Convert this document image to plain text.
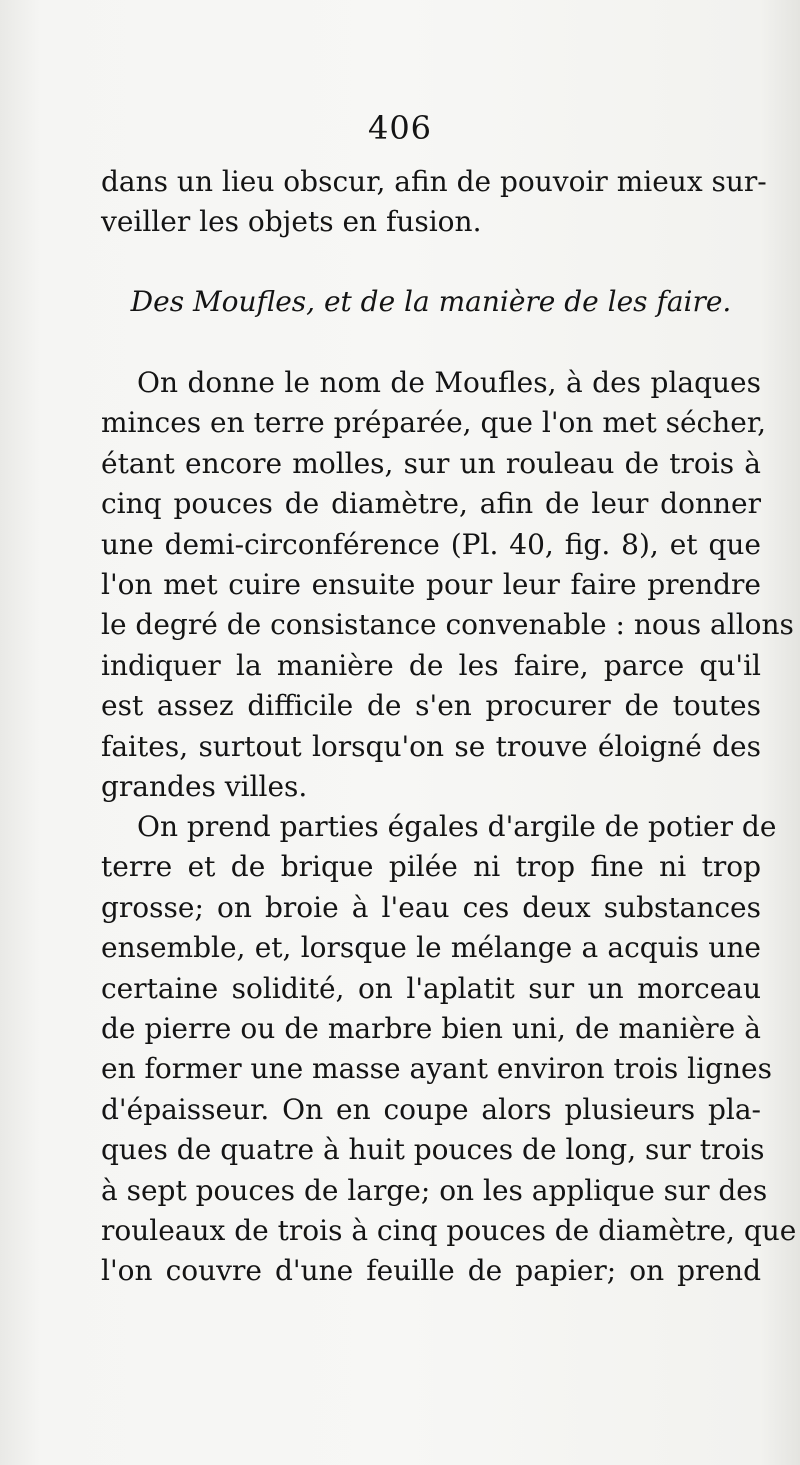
406
dans un lieu obscur, afin de pouvoir mieux sur-
veiller les objets en fusion.
Des Moufles, et de la manière de les faire.
On donne le nom de Moufles, à des plaques
minces en terre préparée, que l'on met sécher,
étant encore molles, sur un rouleau de trois à
cinq pouces de diamètre, afin de leur donner
une demi-circonférence (Pl. 40, fig. 8), et que
l'on met cuire ensuite pour leur faire prendre
le degré de consistance convenable : nous allons
indiquer la manière de les faire, parce qu'il
est assez difficile de s'en procurer de toutes
faites, surtout lorsqu'on se trouve éloigné des
grandes villes.
On prend parties égales d'argile de potier de
terre et de brique pilée ni trop fine ni trop
grosse; on broie à l'eau ces deux substances
ensemble, et, lorsque le mélange a acquis une
certaine solidité, on l'aplatit sur un morceau
de pierre ou de marbre bien uni, de manière à
en former une masse ayant environ trois lignes
d'épaisseur. On en coupe alors plusieurs pla-
ques de quatre à huit pouces de long, sur trois
à sept pouces de large; on les applique sur des
rouleaux de trois à cinq pouces de diamètre, que
l'on couvre d'une feuille de papier; on prend
